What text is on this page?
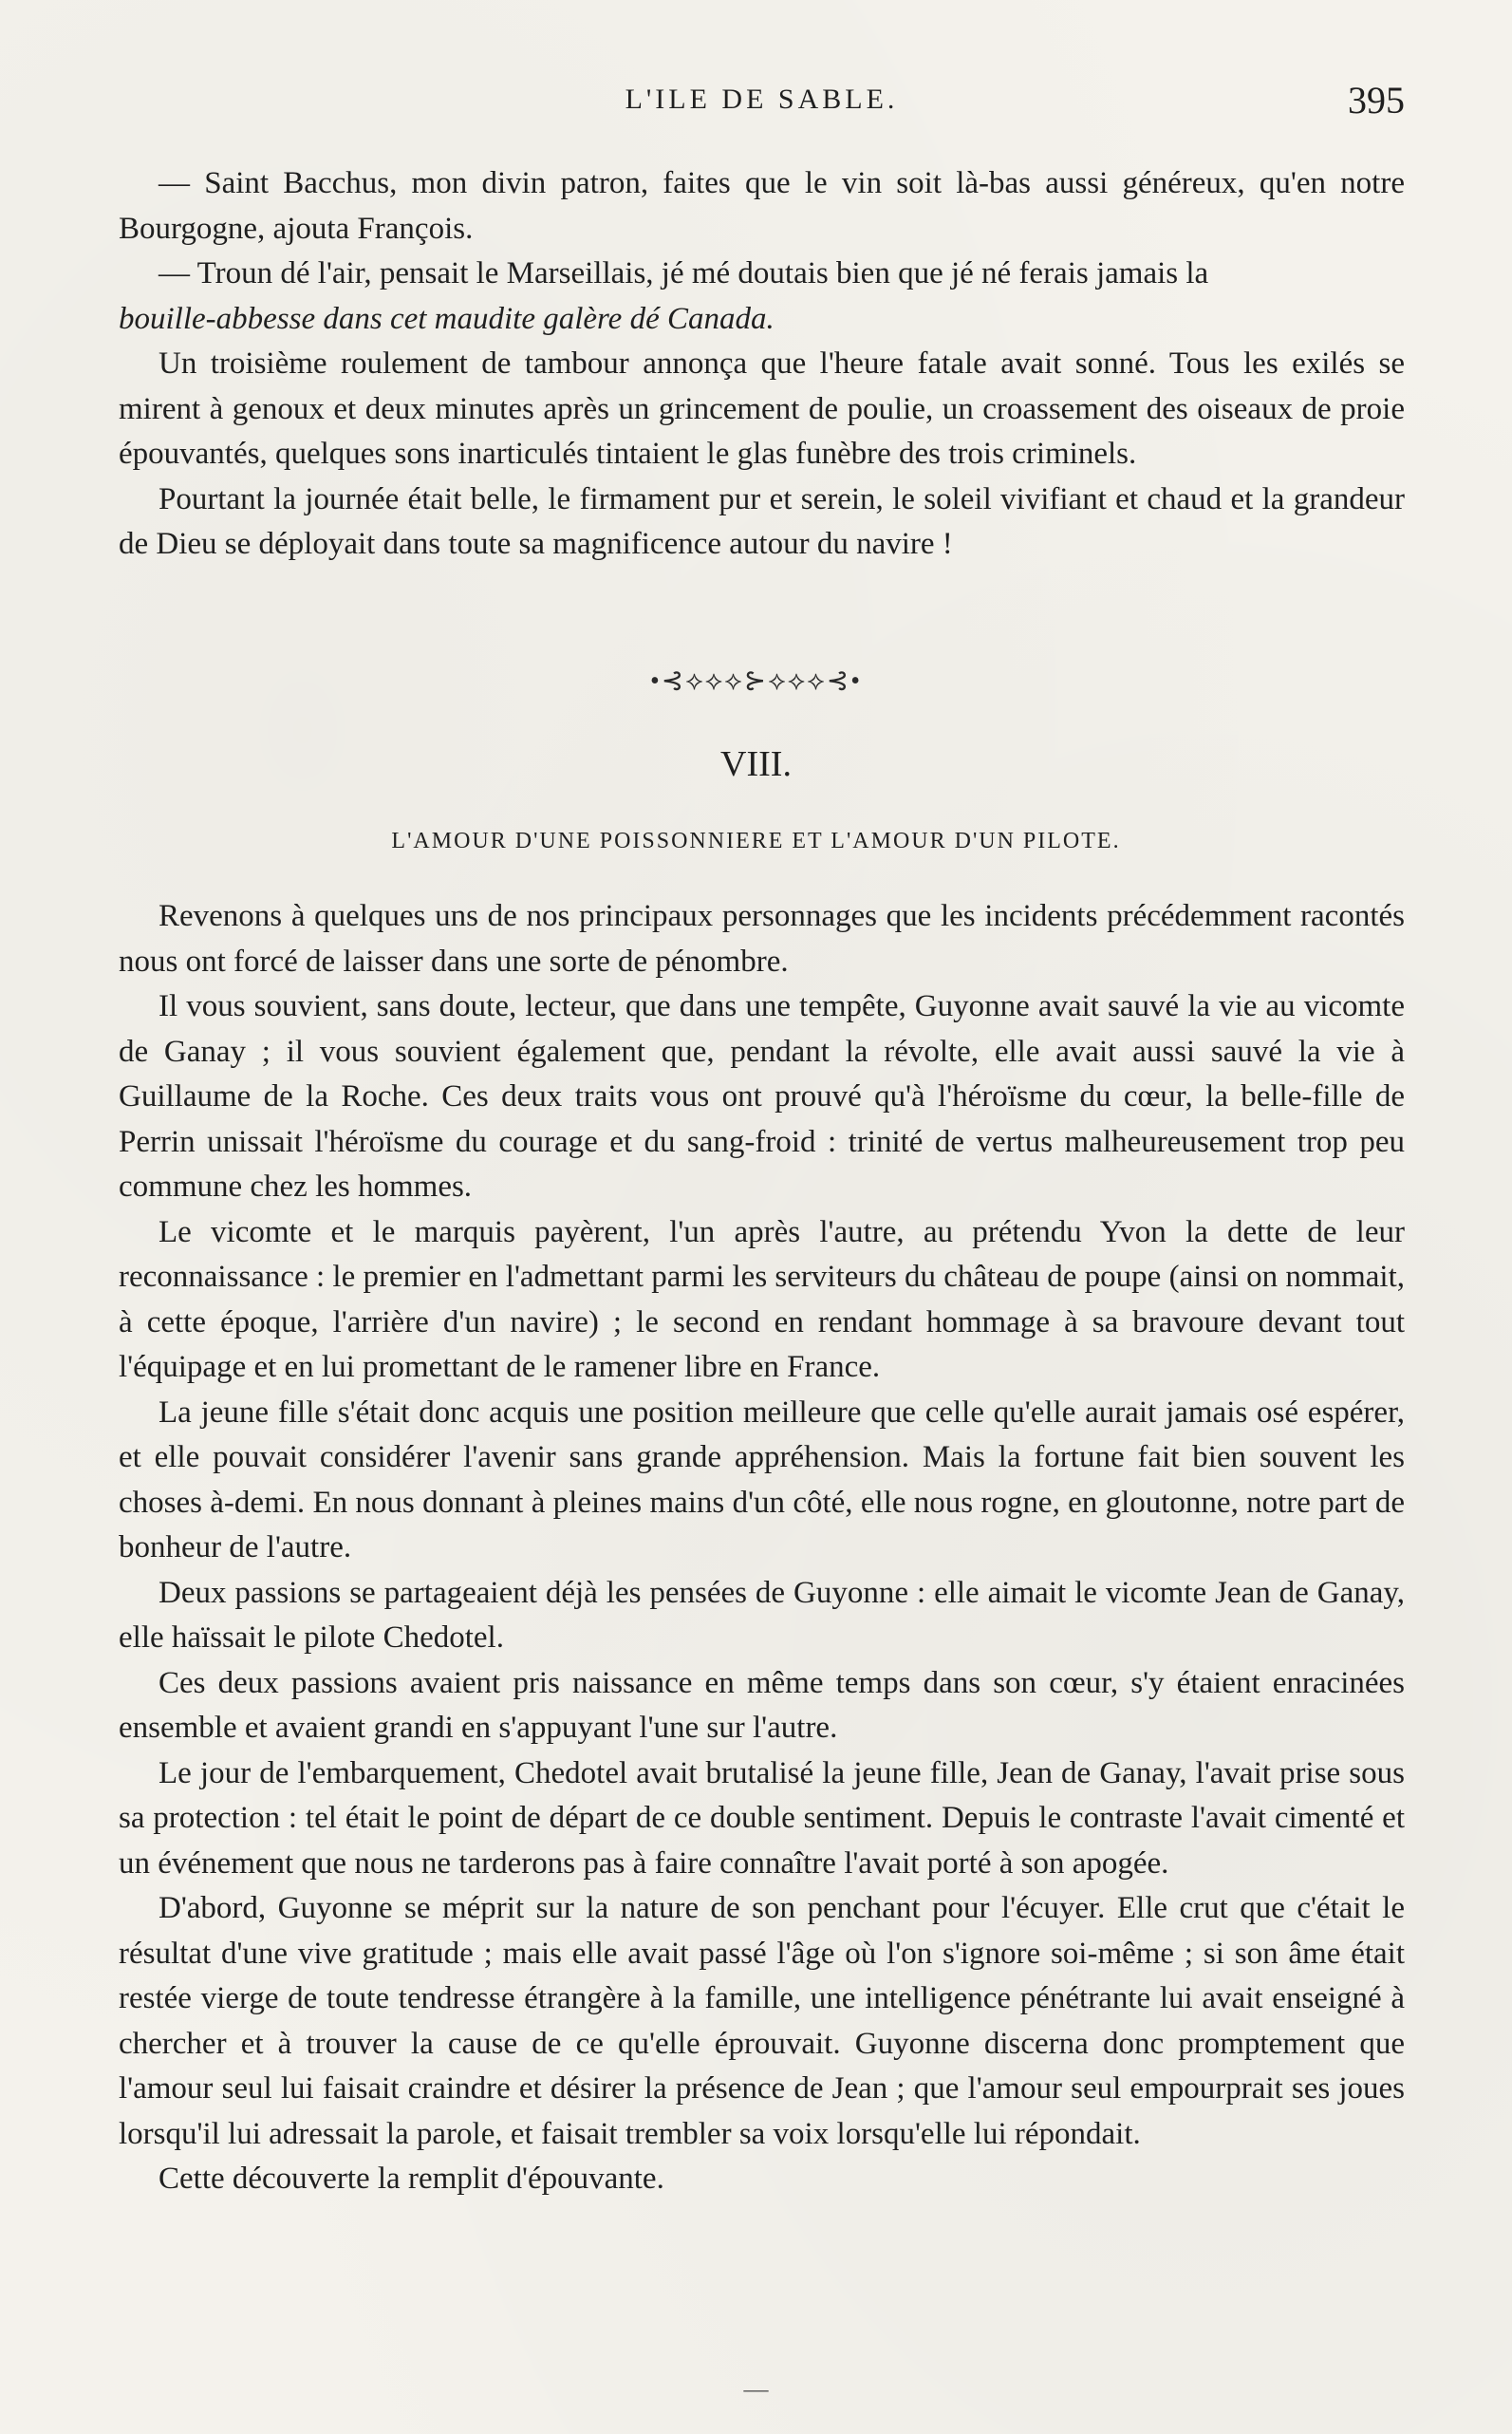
L'ILE DE SABLE.	395

— Saint Bacchus, mon divin patron, faites que le vin soit là-bas aussi généreux, qu'en notre Bourgogne, ajouta François.

— Troun dé l'air, pensait le Marseillais, jé mé doutais bien que jé né ferais jamais la

bouille-abbesse dans cet maudite galère dé Canada.

Un troisième roulement de tambour annonça que l'heure fatale avait sonné. Tous les exilés se mirent à genoux et deux minutes après un grincement de poulie, un croassement des oiseaux de proie épouvantés, quelques sons inarticulés tintaient le glas funèbre des trois criminels.

Pourtant la journée était belle, le firmament pur et serein, le soleil vivifiant et chaud et la grandeur de Dieu se déployait dans toute sa magnificence autour du navire !

•⊰⟡⟡⟡⊱⟡⟡⟡⊰•
VIII.
L'AMOUR D'UNE POISSONNIERE ET L'AMOUR D'UN PILOTE.

Revenons à quelques uns de nos principaux personnages que les incidents précédemment racontés nous ont forcé de laisser dans une sorte de pénombre.

Il vous souvient, sans doute, lecteur, que dans une tempête, Guyonne avait sauvé la vie au vicomte de Ganay ; il vous souvient également que, pendant la révolte, elle avait aussi sauvé la vie à Guillaume de la Roche. Ces deux traits vous ont prouvé qu'à l'héroïsme du cœur, la belle-fille de Perrin unissait l'héroïsme du courage et du sang-froid : trinité de vertus malheureusement trop peu commune chez les hommes.

Le vicomte et le marquis payèrent, l'un après l'autre, au prétendu Yvon la dette de leur reconnaissance : le premier en l'admettant parmi les serviteurs du château de poupe (ainsi on nommait, à cette époque, l'arrière d'un navire) ; le second en rendant hommage à sa bravoure devant tout l'équipage et en lui promettant de le ramener libre en France.

La jeune fille s'était donc acquis une position meilleure que celle qu'elle aurait jamais osé espérer, et elle pouvait considérer l'avenir sans grande appréhension. Mais la fortune fait bien souvent les choses à-demi. En nous donnant à pleines mains d'un côté, elle nous rogne, en gloutonne, notre part de bonheur de l'autre.

Deux passions se partageaient déjà les pensées de Guyonne : elle aimait le vicomte Jean de Ganay, elle haïssait le pilote Chedotel.

Ces deux passions avaient pris naissance en même temps dans son cœur, s'y étaient enracinées ensemble et avaient grandi en s'appuyant l'une sur l'autre.

Le jour de l'embarquement, Chedotel avait brutalisé la jeune fille, Jean de Ganay, l'avait prise sous sa protection : tel était le point de départ de ce double sentiment. Depuis le contraste l'avait cimenté et un événement que nous ne tarderons pas à faire connaître l'avait porté à son apogée.

D'abord, Guyonne se méprit sur la nature de son penchant pour l'écuyer. Elle crut que c'était le résultat d'une vive gratitude ; mais elle avait passé l'âge où l'on s'ignore soi-même ; si son âme était restée vierge de toute tendresse étrangère à la famille, une intelligence pénétrante lui avait enseigné à chercher et à trouver la cause de ce qu'elle éprouvait. Guyonne discerna donc promptement que l'amour seul lui faisait craindre et désirer la présence de Jean ; que l'amour seul empourprait ses joues lorsqu'il lui adressait la parole, et faisait trembler sa voix lorsqu'elle lui répondait.

Cette découverte la remplit d'épouvante.

—
